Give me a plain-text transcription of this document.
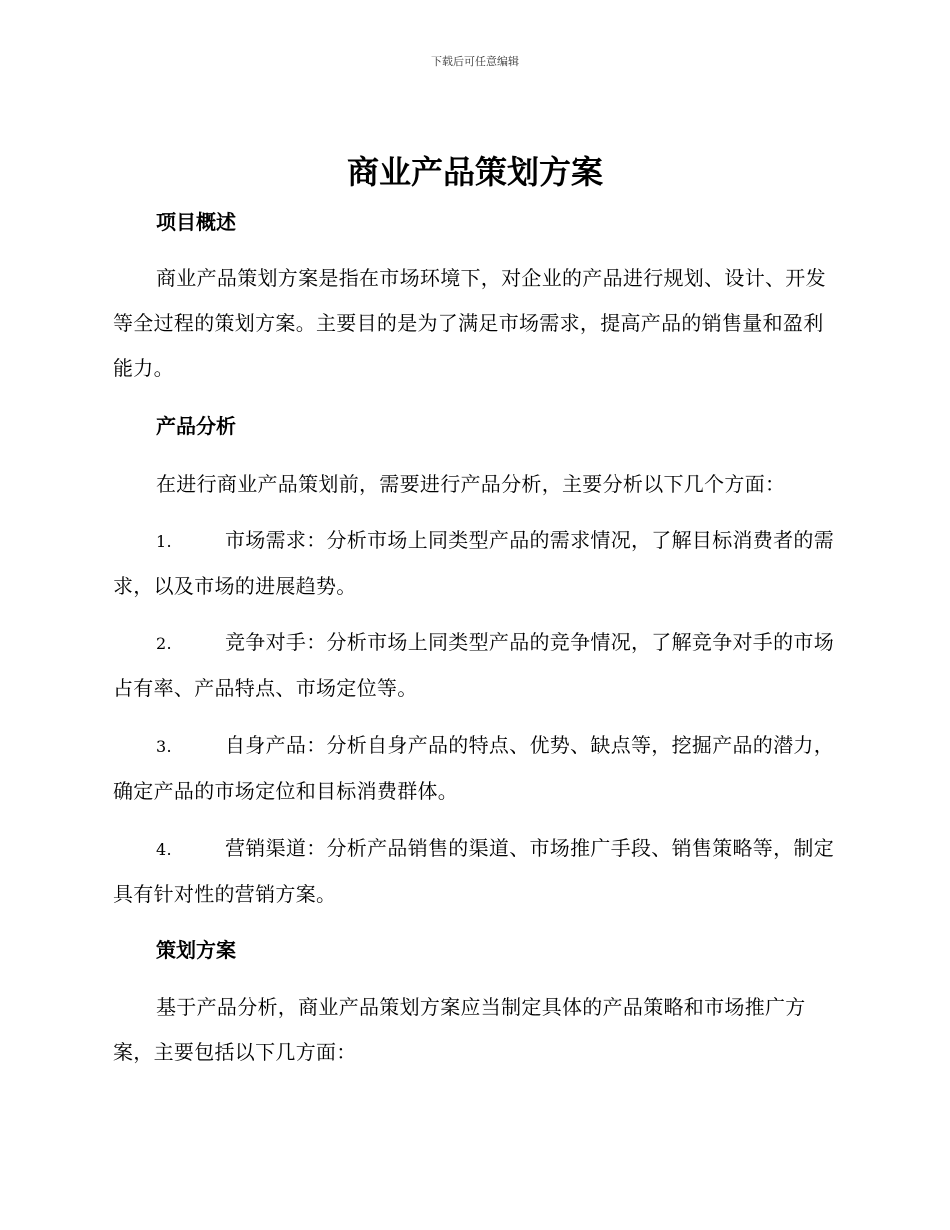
下载后可任意编辑
商业产品策划方案
项目概述

商业产品策划方案是指在市场环境下，对企业的产品进行规划、设计、开发等全过程的策划方案。主要目的是为了满足市场需求，提高产品的销售量和盈利能力。

产品分析

在进行商业产品策划前，需要进行产品分析，主要分析以下几个方面：

1.	市场需求：分析市场上同类型产品的需求情况，了解目标消费者的需求，以及市场的进展趋势。
2.	竞争对手：分析市场上同类型产品的竞争情况，了解竞争对手的市场占有率、产品特点、市场定位等。
3.	自身产品：分析自身产品的特点、优势、缺点等，挖掘产品的潜力，确定产品的市场定位和目标消费群体。
4.	营销渠道：分析产品销售的渠道、市场推广手段、销售策略等，制定具有针对性的营销方案。
策划方案

基于产品分析，商业产品策划方案应当制定具体的产品策略和市场推广方案，主要包括以下几方面：
